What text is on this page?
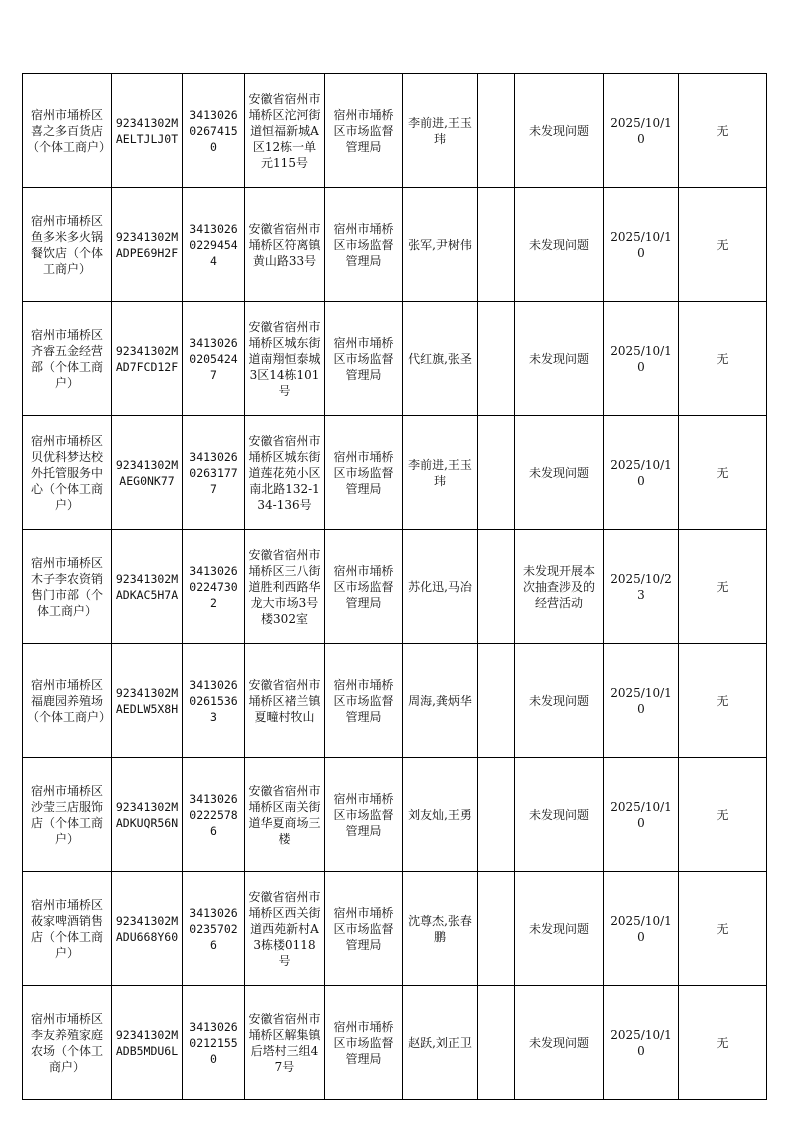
宿州市埇桥区喜之多百货店（个体工商户）	92341302MAELTJLJ0T	341302602674150	安徽省宿州市埇桥区沱河街道恒福新城A区12栋一单元115号	宿州市埇桥区市场监督管理局	李前进,王玉玮		未发现问题	2025/10/10	无
宿州市埇桥区鱼多米多火锅餐饮店（个体工商户）	92341302MADPE69H2F	341302602294544	安徽省宿州市埇桥区符离镇黄山路33号	宿州市埇桥区市场监督管理局	张军,尹树伟		未发现问题	2025/10/10	无
宿州市埇桥区齐睿五金经营部（个体工商户）	92341302MAD7FCD12F	341302602054247	安徽省宿州市埇桥区城东街道南翔恒泰城3区14栋101号	宿州市埇桥区市场监督管理局	代红旗,张圣		未发现问题	2025/10/10	无
宿州市埇桥区贝优科梦达校外托管服务中心（个体工商户）	92341302MAEG0NK77	341302602631777	安徽省宿州市埇桥区城东街道莲花苑小区南北路132-134-136号	宿州市埇桥区市场监督管理局	李前进,王玉玮		未发现问题	2025/10/10	无
宿州市埇桥区木子李农资销售门市部（个体工商户）	92341302MADKAC5H7A	341302602247302	安徽省宿州市埇桥区三八街道胜利西路华龙大市场3号楼302室	宿州市埇桥区市场监督管理局	苏化迅,马冶		未发现开展本次抽查涉及的经营活动	2025/10/23	无
宿州市埇桥区福鹿园养殖场（个体工商户）	92341302MAEDLW5X8H	341302602615363	安徽省宿州市埇桥区褚兰镇夏疃村牧山	宿州市埇桥区市场监督管理局	周海,龚炳华		未发现问题	2025/10/10	无
宿州市埇桥区沙莹三店服饰店（个体工商户）	92341302MADKUQR56N	341302602225786	安徽省宿州市埇桥区南关街道华夏商场三楼	宿州市埇桥区市场监督管理局	刘友灿,王勇		未发现问题	2025/10/10	无
宿州市埇桥区莜家啤酒销售店（个体工商户）	92341302MADU668Y60	341302602357026	安徽省宿州市埇桥区西关街道西苑新村A3栋楼0118号	宿州市埇桥区市场监督管理局	沈尊杰,张春鹏		未发现问题	2025/10/10	无
宿州市埇桥区李友养殖家庭农场（个体工商户）	92341302MADB5MDU6L	341302602121550	安徽省宿州市埇桥区解集镇后塔村三组47号	宿州市埇桥区市场监督管理局	赵跃,刘正卫		未发现问题	2025/10/10	无
